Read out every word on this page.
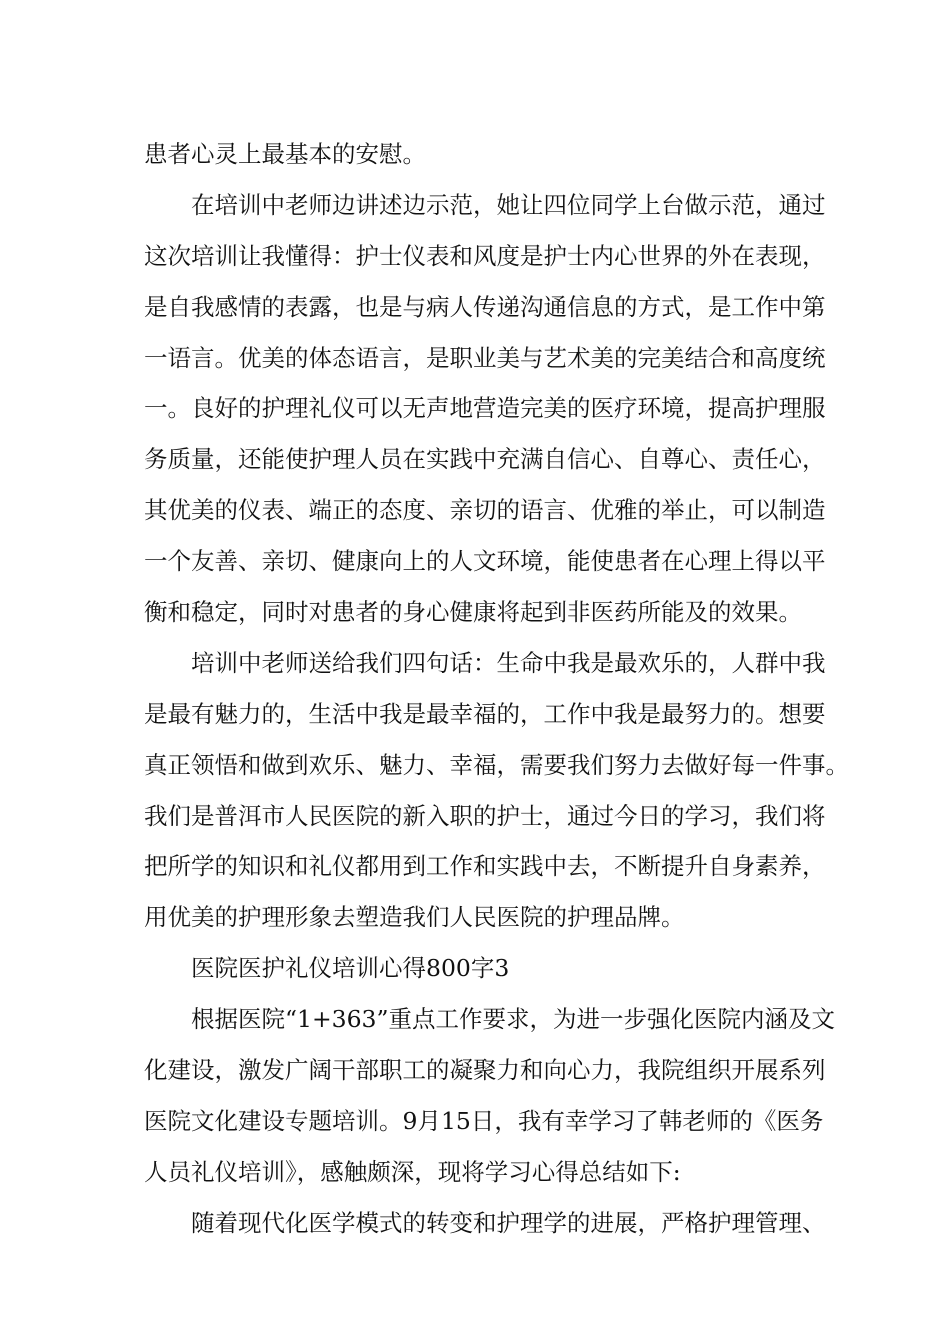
患者心灵上最基本的安慰。
在培训中老师边讲述边示范，她让四位同学上台做示范，通过
这次培训让我懂得：护士仪表和风度是护士内心世界的外在表现，
是自我感情的表露，也是与病人传递沟通信息的方式，是工作中第
一语言。优美的体态语言，是职业美与艺术美的完美结合和高度统
一。良好的护理礼仪可以无声地营造完美的医疗环境，提高护理服
务质量，还能使护理人员在实践中充满自信心、自尊心、责任心，
其优美的仪表、端正的态度、亲切的语言、优雅的举止，可以制造
一个友善、亲切、健康向上的人文环境，能使患者在心理上得以平
衡和稳定，同时对患者的身心健康将起到非医药所能及的效果。
培训中老师送给我们四句话：生命中我是最欢乐的，人群中我
是最有魅力的，生活中我是最幸福的，工作中我是最努力的。想要
真正领悟和做到欢乐、魅力、幸福，需要我们努力去做好每一件事。
我们是普洱市人民医院的新入职的护士，通过今日的学习，我们将
把所学的知识和礼仪都用到工作和实践中去，不断提升自身素养，
用优美的护理形象去塑造我们人民医院的护理品牌。
医院医护礼仪培训心得800字3
根据医院“1+363”重点工作要求，为进一步强化医院内涵及文
化建设，激发广阔干部职工的凝聚力和向心力，我院组织开展系列
医院文化建设专题培训。9月15日，我有幸学习了韩老师的《医务
人员礼仪培训》，感触颇深，现将学习心得总结如下:
随着现代化医学模式的转变和护理学的进展，严格护理管理、
